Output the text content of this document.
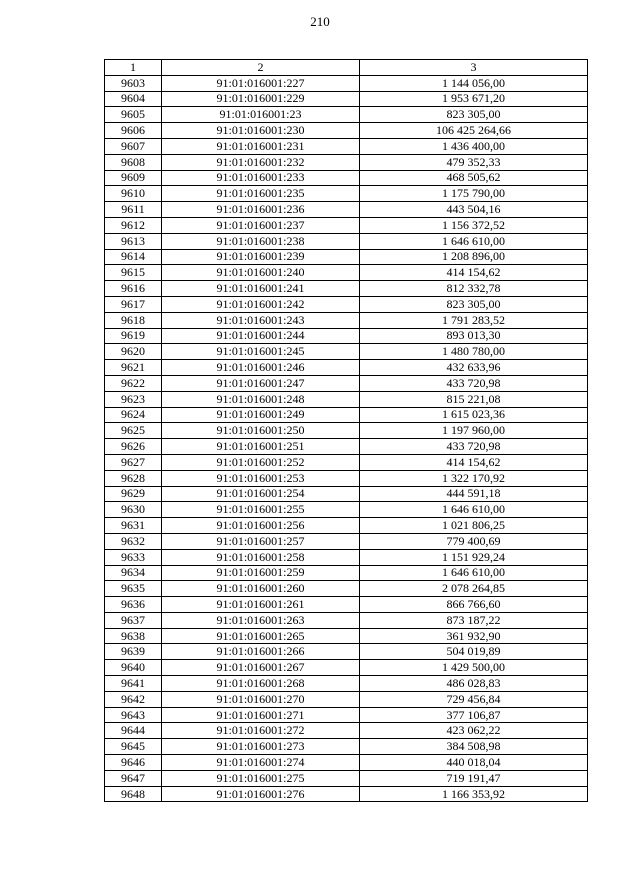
210
1	2	3
9603	91:01:016001:227	1 144 056,00
9604	91:01:016001:229	1 953 671,20
9605	91:01:016001:23	823 305,00
9606	91:01:016001:230	106 425 264,66
9607	91:01:016001:231	1 436 400,00
9608	91:01:016001:232	479 352,33
9609	91:01:016001:233	468 505,62
9610	91:01:016001:235	1 175 790,00
9611	91:01:016001:236	443 504,16
9612	91:01:016001:237	1 156 372,52
9613	91:01:016001:238	1 646 610,00
9614	91:01:016001:239	1 208 896,00
9615	91:01:016001:240	414 154,62
9616	91:01:016001:241	812 332,78
9617	91:01:016001:242	823 305,00
9618	91:01:016001:243	1 791 283,52
9619	91:01:016001:244	893 013,30
9620	91:01:016001:245	1 480 780,00
9621	91:01:016001:246	432 633,96
9622	91:01:016001:247	433 720,98
9623	91:01:016001:248	815 221,08
9624	91:01:016001:249	1 615 023,36
9625	91:01:016001:250	1 197 960,00
9626	91:01:016001:251	433 720,98
9627	91:01:016001:252	414 154,62
9628	91:01:016001:253	1 322 170,92
9629	91:01:016001:254	444 591,18
9630	91:01:016001:255	1 646 610,00
9631	91:01:016001:256	1 021 806,25
9632	91:01:016001:257	779 400,69
9633	91:01:016001:258	1 151 929,24
9634	91:01:016001:259	1 646 610,00
9635	91:01:016001:260	2 078 264,85
9636	91:01:016001:261	866 766,60
9637	91:01:016001:263	873 187,22
9638	91:01:016001:265	361 932,90
9639	91:01:016001:266	504 019,89
9640	91:01:016001:267	1 429 500,00
9641	91:01:016001:268	486 028,83
9642	91:01:016001:270	729 456,84
9643	91:01:016001:271	377 106,87
9644	91:01:016001:272	423 062,22
9645	91:01:016001:273	384 508,98
9646	91:01:016001:274	440 018,04
9647	91:01:016001:275	719 191,47
9648	91:01:016001:276	1 166 353,92
